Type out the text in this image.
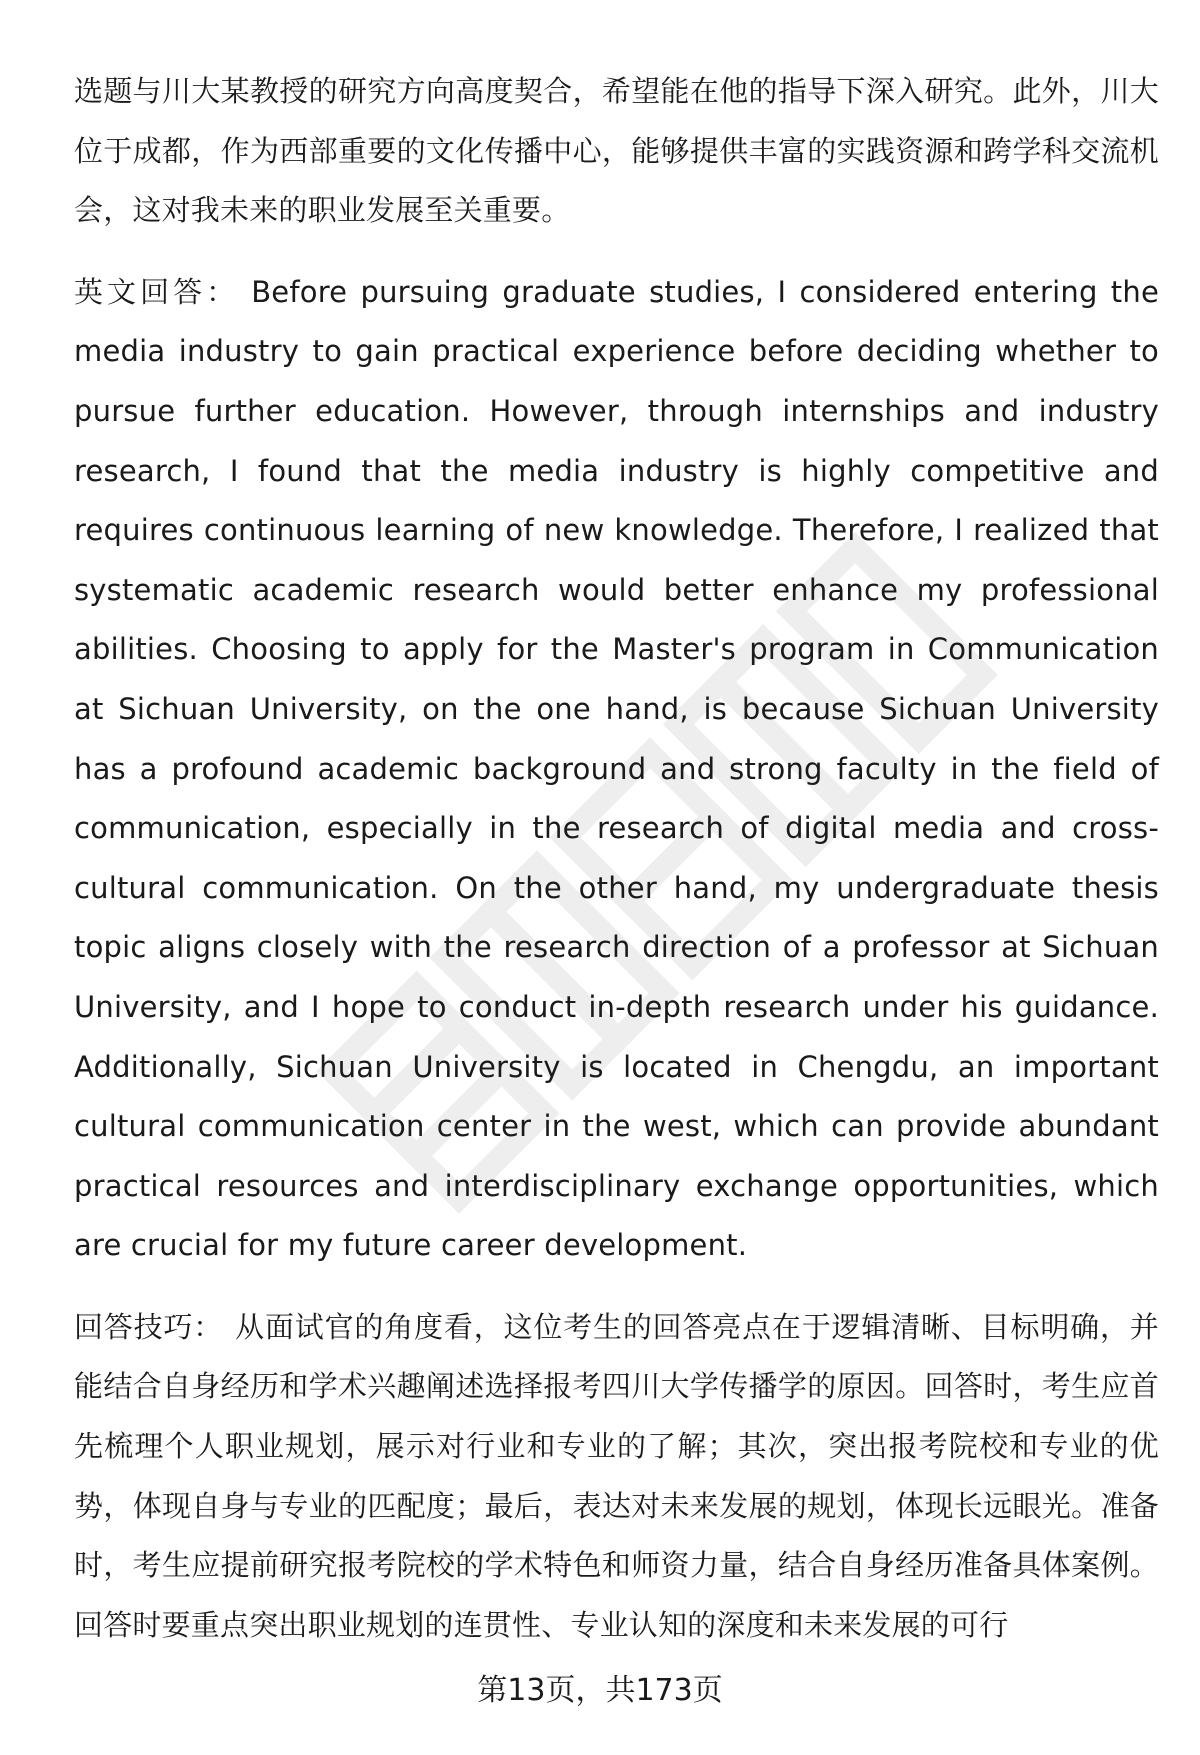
选题与川大某教授的研究方向高度契合，希望能在他的指导下深入研究。此外，川大位于成都，作为西部重要的文化传播中心，能够提供丰富的实践资源和跨学科交流机会，这对我未来的职业发展至关重要。

英文回答： Before pursuing graduate studies, I considered entering the media industry to gain practical experience before deciding whether to pursue further education. However, through internships and industry research, I found that the media industry is highly competitive and requires continuous learning of new knowledge. Therefore, I realized that systematic academic research would better enhance my professional abilities. Choosing to apply for the Master's program in Communication at Sichuan University, on the one hand, is because Sichuan University has a profound academic background and strong faculty in the field of communication, especially in the research of digital media and cross-cultural communication. On the other hand, my undergraduate thesis topic aligns closely with the research direction of a professor at Sichuan University, and I hope to conduct in-depth research under his guidance. Additionally, Sichuan University is located in Chengdu, an important cultural communication center in the west, which can provide abundant practical resources and interdisciplinary exchange opportunities, which are crucial for my future career development.

回答技巧： 从面试官的角度看，这位考生的回答亮点在于逻辑清晰、目标明确，并能结合自身经历和学术兴趣阐述选择报考四川大学传播学的原因。回答时，考生应首先梳理个人职业规划，展示对行业和专业的了解；其次，突出报考院校和专业的优势，体现自身与专业的匹配度；最后，表达对未来发展的规划，体现长远眼光。准备时，考生应提前研究报考院校的学术特色和师资力量，结合自身经历准备具体案例。回答时要重点突出职业规划的连贯性、专业认知的深度和未来发展的可行

第13页，共173页
